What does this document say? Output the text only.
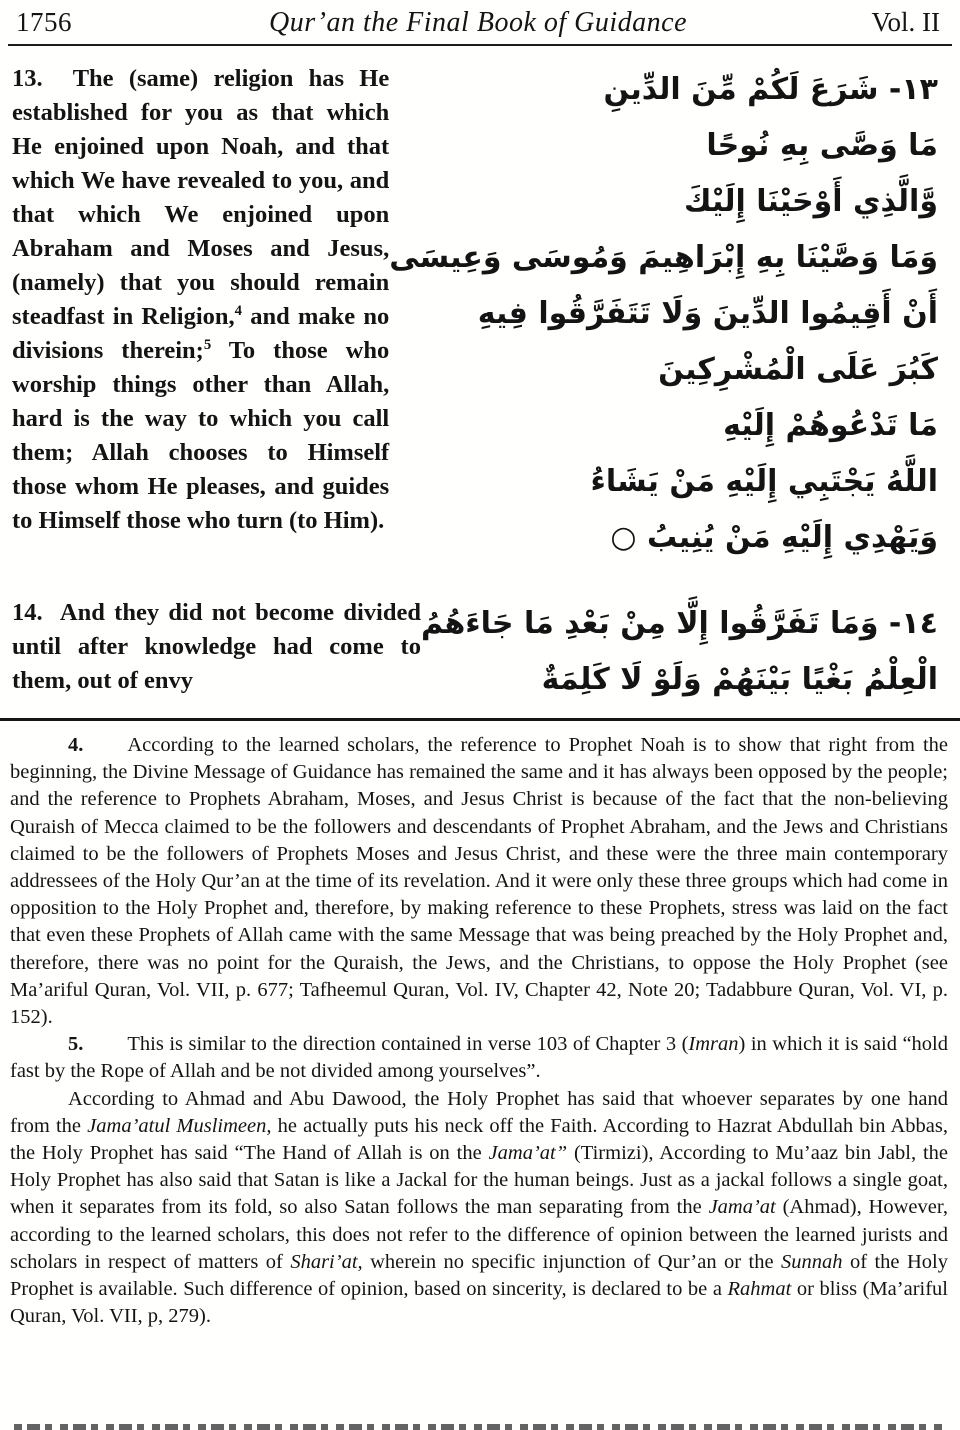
1756	Qur’an the Final Book of Guidance	Vol. II

13.  The (same) religion has He established for you as that which He enjoined upon Noah, and that which We have revealed to you, and that which We enjoined upon Abraham and Moses and Jesus, (namely) that you should remain steadfast in Religion,$^4$ and make no divisions therein;$^5$ To those who worship things other than Allah, hard is the way to which you call them; Allah chooses to Himself those whom He pleases, and guides to Himself those who turn (to Him).

١٣- شَرَعَ لَكُمْ مِّنَ الدِّينِ
مَا وَصَّى بِهِ نُوحًا
وَّالَّذِي أَوْحَيْنَا إِلَيْكَ
وَمَا وَصَّيْنَا بِهِ إِبْرَاهِيمَ وَمُوسَى وَعِيسَى
أَنْ أَقِيمُوا الدِّينَ وَلَا تَتَفَرَّقُوا فِيهِ
كَبُرَ عَلَى الْمُشْرِكِينَ
مَا تَدْعُوهُمْ إِلَيْهِ
اللَّهُ يَجْتَبِي إِلَيْهِ مَنْ يَشَاءُ
وَيَهْدِي إِلَيْهِ مَنْ يُنِيبُ ○

14.  And they did not become divided until after knowledge had come to them, out of envy

١٤- وَمَا تَفَرَّقُوا إِلَّا مِنْ بَعْدِ مَا جَاءَهُمُ
الْعِلْمُ بَغْيًا بَيْنَهُمْ وَلَوْ لَا كَلِمَةٌ

4. According to the learned scholars, the reference to Prophet Noah is to show that right from the beginning, the Divine Message of Guidance has remained the same and it has always been opposed by the people; and the reference to Prophets Abraham, Moses, and Jesus Christ is because of the fact that the non-believing Quraish of Mecca claimed to be the followers and descendants of Prophet Abraham, and the Jews and Christians claimed to be the followers of Prophets Moses and Jesus Christ, and these were the three main contemporary addressees of the Holy Qur’an at the time of its revelation. And it were only these three groups which had come in opposition to the Holy Prophet and, therefore, by making reference to these Prophets, stress was laid on the fact that even these Prophets of Allah came with the same Message that was being preached by the Holy Prophet and, therefore, there was no point for the Quraish, the Jews, and the Christians, to oppose the Holy Prophet (see Ma’ariful Quran, Vol. VII, p. 677; Tafheemul Quran, Vol. IV, Chapter 42, Note 20; Tadabbure Quran, Vol. VI, p. 152).

5. This is similar to the direction contained in verse 103 of Chapter 3 (Imran) in which it is said “hold fast by the Rope of Allah and be not divided among yourselves”.

According to Ahmad and Abu Dawood, the Holy Prophet has said that whoever separates by one hand from the Jama’atul Muslimeen, he actually puts his neck off the Faith. According to Hazrat Abdullah bin Abbas, the Holy Prophet has said “The Hand of Allah is on the Jama’at” (Tirmizi), According to Mu’aaz bin Jabl, the Holy Prophet has also said that Satan is like a Jackal for the human beings. Just as a jackal follows a single goat, when it separates from its fold, so also Satan follows the man separating from the Jama’at (Ahmad), However, according to the learned scholars, this does not refer to the difference of opinion between the learned jurists and scholars in respect of matters of Shari’at, wherein no specific injunction of Qur’an or the Sunnah of the Holy Prophet is available. Such difference of opinion, based on sincerity, is declared to be a Rahmat or bliss (Ma’ariful Quran, Vol. VII, p, 279).
